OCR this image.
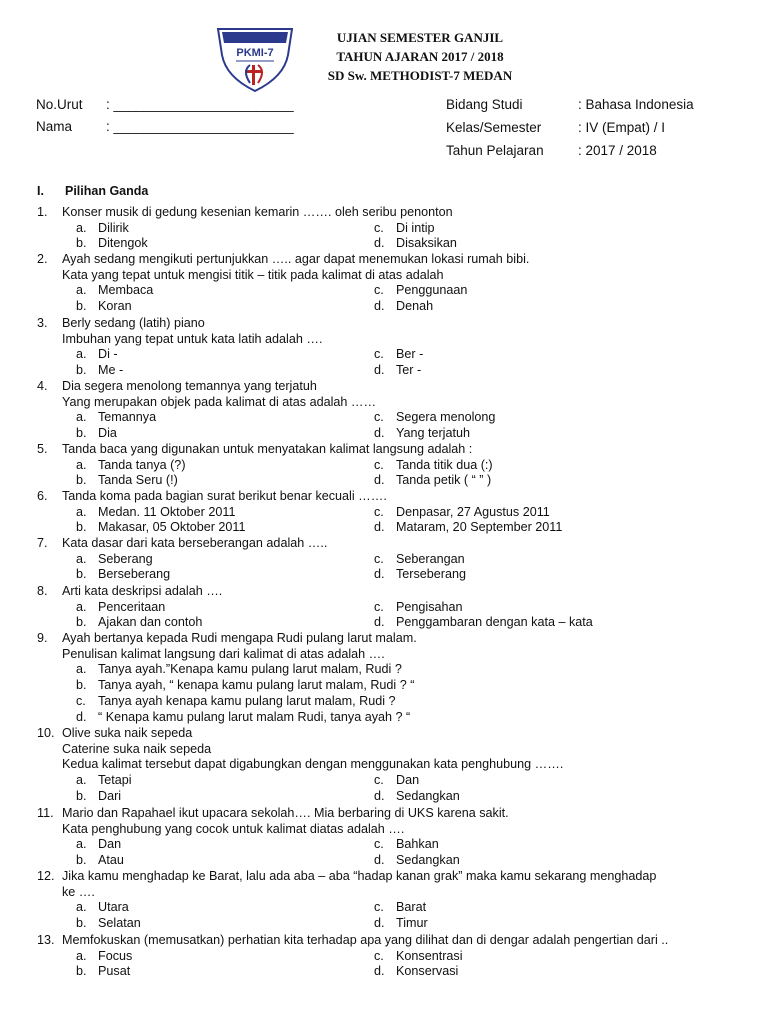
PKMI-7
UJIAN SEMESTER GANJIL
TAHUN AJARAN 2017 / 2018
SD Sw. METHODIST-7 MEDAN
No.Urut : ________________________
Nama	: ________________________
Bidang Studi	: Bahasa Indonesia
Kelas/Semester	: IV (Empat) / I
Tahun Pelajaran	: 2017 / 2018
I. Pilihan Ganda
1. Konser musik di gedung kesenian kemarin ……. oleh seribu penonton
a. Dilirik	c. Di intip
b. Ditengok	d. Disaksikan
2. Ayah sedang mengikuti pertunjukkan ….. agar dapat menemukan lokasi rumah bibi.
Kata yang tepat untuk mengisi titik – titik pada kalimat di atas adalah
a. Membaca	c. Penggunaan
b. Koran	d. Denah
3. Berly sedang (latih) piano
Imbuhan yang tepat untuk kata latih adalah ….
a. Di -	c. Ber -
b. Me -	d. Ter -
4. Dia segera menolong temannya yang terjatuh
Yang merupakan objek pada kalimat di atas adalah ……
a. Temannya	c. Segera menolong
b. Dia	d. Yang terjatuh
5. Tanda baca yang digunakan untuk menyatakan kalimat langsung adalah :
a. Tanda tanya (?)	c. Tanda titik dua (:)
b. Tanda Seru (!)	d. Tanda petik ( “ ” )
6. Tanda koma pada bagian surat berikut benar kecuali …….
a. Medan. 11 Oktober 2011	c. Denpasar, 27 Agustus 2011
b. Makasar, 05 Oktober 2011	d. Mataram, 20 September 2011
7. Kata dasar dari kata berseberangan adalah …..
a. Seberang	c. Seberangan
b. Berseberang	d. Terseberang
8. Arti kata deskripsi adalah ….
a. Penceritaan	c. Pengisahan
b. Ajakan dan contoh	d. Penggambaran dengan kata – kata
9. Ayah bertanya kepada Rudi mengapa Rudi pulang larut malam.
Penulisan kalimat langsung dari kalimat di atas adalah ….
a. Tanya ayah.”Kenapa kamu pulang larut malam, Rudi ?
b. Tanya ayah, “ kenapa kamu pulang larut malam, Rudi ? “
c. Tanya ayah kenapa kamu pulang larut malam, Rudi ?
d. “ Kenapa kamu pulang larut malam Rudi, tanya ayah ? “
10. Olive suka naik sepeda
Caterine suka naik sepeda
Kedua kalimat tersebut dapat digabungkan dengan menggunakan kata penghubung …….
a. Tetapi	c. Dan
b. Dari	d. Sedangkan
11. Mario dan Rapahael ikut upacara sekolah…. Mia berbaring di UKS karena sakit.
Kata penghubung yang cocok untuk kalimat diatas adalah ….
a. Dan	c. Bahkan
b. Atau	d. Sedangkan
12. Jika kamu menghadap ke Barat, lalu ada aba – aba “hadap kanan grak” maka kamu sekarang menghadap
ke ….
a. Utara	c. Barat
b. Selatan	d. Timur
13. Memfokuskan (memusatkan) perhatian kita terhadap apa yang dilihat dan di dengar adalah pengertian dari ..
a. Focus	c. Konsentrasi
b. Pusat	d. Konservasi
